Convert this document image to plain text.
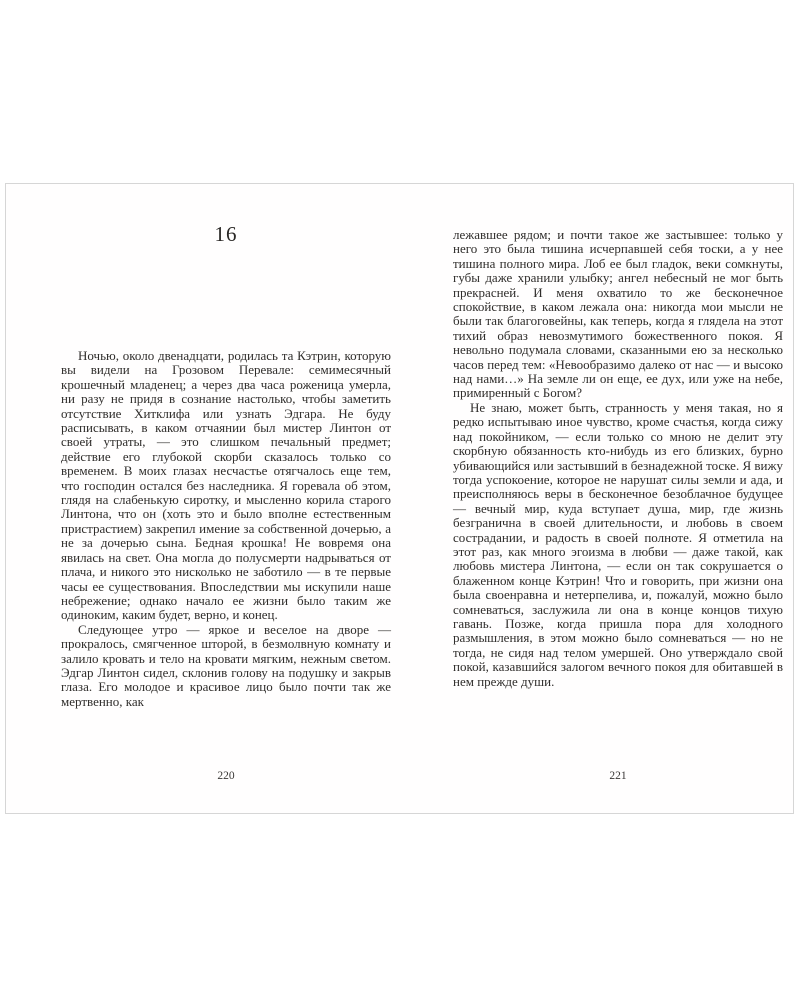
16

Ночью, около двенадцати, родилась та Кэтрин, которую вы видели на Грозовом Перевале: семимесячный крошечный младенец; а через два часа роженица умерла, ни разу не придя в сознание настолько, чтобы заметить отсутствие Хитклифа или узнать Эдгара. Не буду расписывать, в каком отчаянии был мистер Линтон от своей утраты, — это слишком печальный предмет; действие его глубокой скорби сказалось только со временем. В моих глазах несчастье отягчалось еще тем, что господин остался без наследника. Я горевала об этом, глядя на слабенькую сиротку, и мысленно корила старого Линтона, что он (хоть это и было вполне естественным пристрастием) закрепил имение за собственной дочерью, а не за дочерью сына. Бедная крошка! Не вовремя она явилась на свет. Она могла до полусмерти надрываться от плача, и никого это нисколько не заботило — в те первые часы ее существования. Впоследствии мы искупили наше небрежение; однако начало ее жизни было таким же одиноким, каким будет, верно, и конец.

Следующее утро — яркое и веселое на дворе — прокралось, смягченное шторой, в безмолвную комнату и залило кровать и тело на кровати мягким, нежным светом. Эдгар Линтон сидел, склонив голову на подушку и закрыв глаза. Его молодое и красивое лицо было почти так же мертвенно, как

220

лежавшее рядом; и почти такое же застывшее: только у него это была тишина исчерпавшей себя тоски, а у нее тишина полного мира. Лоб ее был гладок, веки сомкнуты, губы даже хранили улыбку; ангел небесный не мог быть прекрасней. И меня охватило то же бесконечное спокойствие, в каком лежала она: никогда мои мысли не были так благоговейны, как теперь, когда я глядела на этот тихий образ невозмутимого божественного покоя. Я невольно подумала словами, сказанными ею за несколько часов перед тем: «Невообразимо далеко от нас — и высоко над нами…» На земле ли он еще, ее дух, или уже на небе, примиренный с Богом?

Не знаю, может быть, странность у меня такая, но я редко испытываю иное чувство, кроме счастья, когда сижу над покойником, — если только со мною не делит эту скорбную обязанность кто-нибудь из его близких, бурно убивающийся или застывший в безнадежной тоске. Я вижу тогда успокоение, которое не нарушат силы земли и ада, и преисполняюсь веры в бесконечное безоблачное будущее — вечный мир, куда вступает душа, мир, где жизнь безгранична в своей длительности, и любовь в своем сострадании, и радость в своей полноте. Я отметила на этот раз, как много эгоизма в любви — даже такой, как любовь мистера Линтона, — если он так сокрушается о блаженном конце Кэтрин! Что и говорить, при жизни она была своенравна и нетерпелива, и, пожалуй, можно было сомневаться, заслужила ли она в конце концов тихую гавань. Позже, когда пришла пора для холодного размышления, в этом можно было сомневаться — но не тогда, не сидя над телом умершей. Оно утверждало свой покой, казавшийся залогом вечного покоя для обитавшей в нем прежде души.

221
